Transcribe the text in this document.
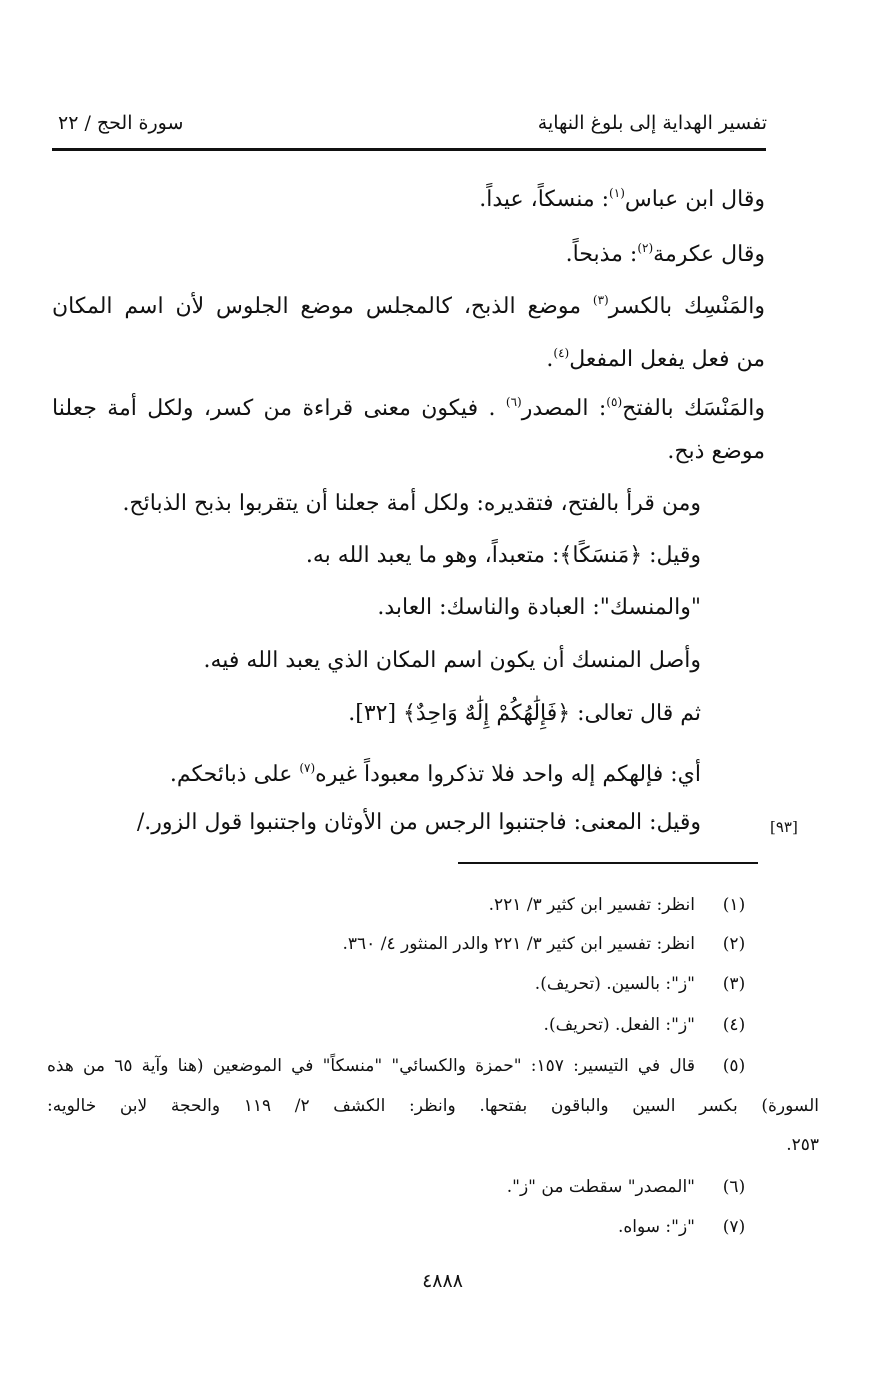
تفسير الهداية إلى بلوغ النهاية
سورة الحج / ٢٢
وقال ابن عباس$^{(١)}$: منسكاً، عيداً.
وقال عكرمة$^{(٢)}$: مذبحاً.
والمَنْسِك بالكسر$^{(٣)}$ موضع الذبح، كالمجلس موضع الجلوس لأن اسم المكان
من فعل يفعل المفعل$^{(٤)}$.
والمَنْسَك بالفتح$^{(٥)}$: المصدر$^{(٦)}$ . فيكون معنى قراءة من كسر، ولكل أمة جعلنا
موضع ذبح.
ومن قرأ بالفتح، فتقديره: ولكل أمة جعلنا أن يتقربوا بذبح الذبائح.
وقيل: ﴿مَنسَكًا﴾: متعبداً، وهو ما يعبد الله به.
"والمنسك": العبادة والناسك: العابد.
وأصل المنسك أن يكون اسم المكان الذي يعبد الله فيه.
ثم قال تعالى: ﴿فَإِلَٰهُكُمْ إِلَٰهٌ وَاحِدٌ﴾ [٣٢].
أي: فإلهكم إله واحد فلا تذكروا معبوداً غيره$^{(٧)}$ على ذبائحكم.
وقيل: المعنى: فاجتنبوا الرجس من الأوثان واجتنبوا قول الزور./	[٩٣]
(١)
انظر: تفسير ابن كثير ٣/ ٢٢١.
(٢)
انظر: تفسير ابن كثير ٣/ ٢٢١ والدر المنثور ٤/ ٣٦٠.
(٣)
"ز": بالسين. (تحريف).
(٤)
"ز": الفعل. (تحريف).
(٥)
قال في التيسير: ١٥٧: "حمزة والكسائي" "منسكاً" في الموضعين (هنا وآية ٦٥ من هذه
السورة) بكسر السين والباقون بفتحها. وانظر: الكشف ٢/ ١١٩ والحجة لابن خالويه:
٢٥٣.
(٦)
"المصدر" سقطت من "ز".
(٧)
"ز": سواه.
٤٨٨٨
